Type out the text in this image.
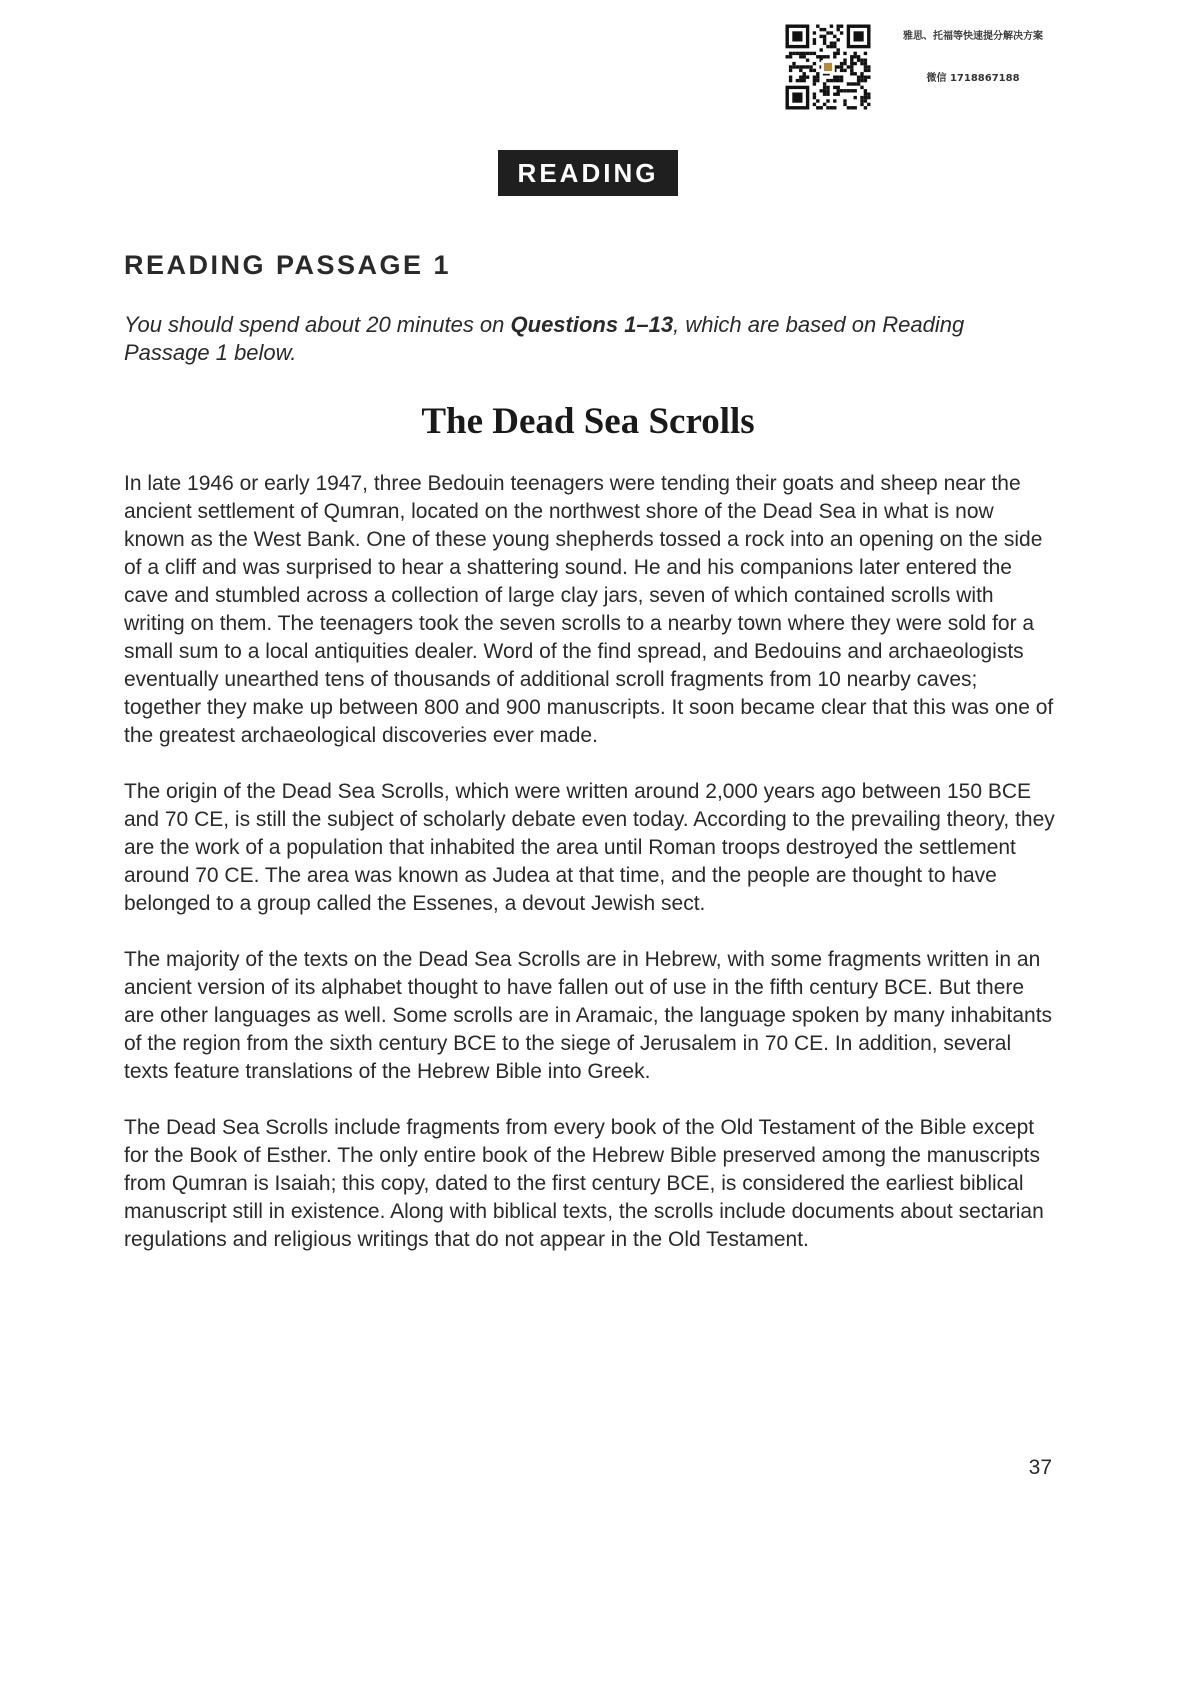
雅思、托福等快速提分解决方案
微信 1718867188
READING
READING PASSAGE 1

You should spend about 20 minutes on Questions 1–13, which are based on Reading Passage 1 below.

The Dead Sea Scrolls

In late 1946 or early 1947, three Bedouin teenagers were tending their goats and sheep near the ancient settlement of Qumran, located on the northwest shore of the Dead Sea in what is now known as the West Bank. One of these young shepherds tossed a rock into an opening on the side of a cliff and was surprised to hear a shattering sound. He and his companions later entered the cave and stumbled across a collection of large clay jars, seven of which contained scrolls with writing on them. The teenagers took the seven scrolls to a nearby town where they were sold for a small sum to a local antiquities dealer. Word of the find spread, and Bedouins and archaeologists eventually unearthed tens of thousands of additional scroll fragments from 10 nearby caves; together they make up between 800 and 900 manuscripts. It soon became clear that this was one of the greatest archaeological discoveries ever made.

The origin of the Dead Sea Scrolls, which were written around 2,000 years ago between 150 BCE and 70 CE, is still the subject of scholarly debate even today. According to the prevailing theory, they are the work of a population that inhabited the area until Roman troops destroyed the settlement around 70 CE. The area was known as Judea at that time, and the people are thought to have belonged to a group called the Essenes, a devout Jewish sect.

The majority of the texts on the Dead Sea Scrolls are in Hebrew, with some fragments written in an ancient version of its alphabet thought to have fallen out of use in the fifth century BCE. But there are other languages as well. Some scrolls are in Aramaic, the language spoken by many inhabitants of the region from the sixth century BCE to the siege of Jerusalem in 70 CE. In addition, several texts feature translations of the Hebrew Bible into Greek.

The Dead Sea Scrolls include fragments from every book of the Old Testament of the Bible except for the Book of Esther. The only entire book of the Hebrew Bible preserved among the manuscripts from Qumran is Isaiah; this copy, dated to the first century BCE, is considered the earliest biblical manuscript still in existence. Along with biblical texts, the scrolls include documents about sectarian regulations and religious writings that do not appear in the Old Testament.

37
